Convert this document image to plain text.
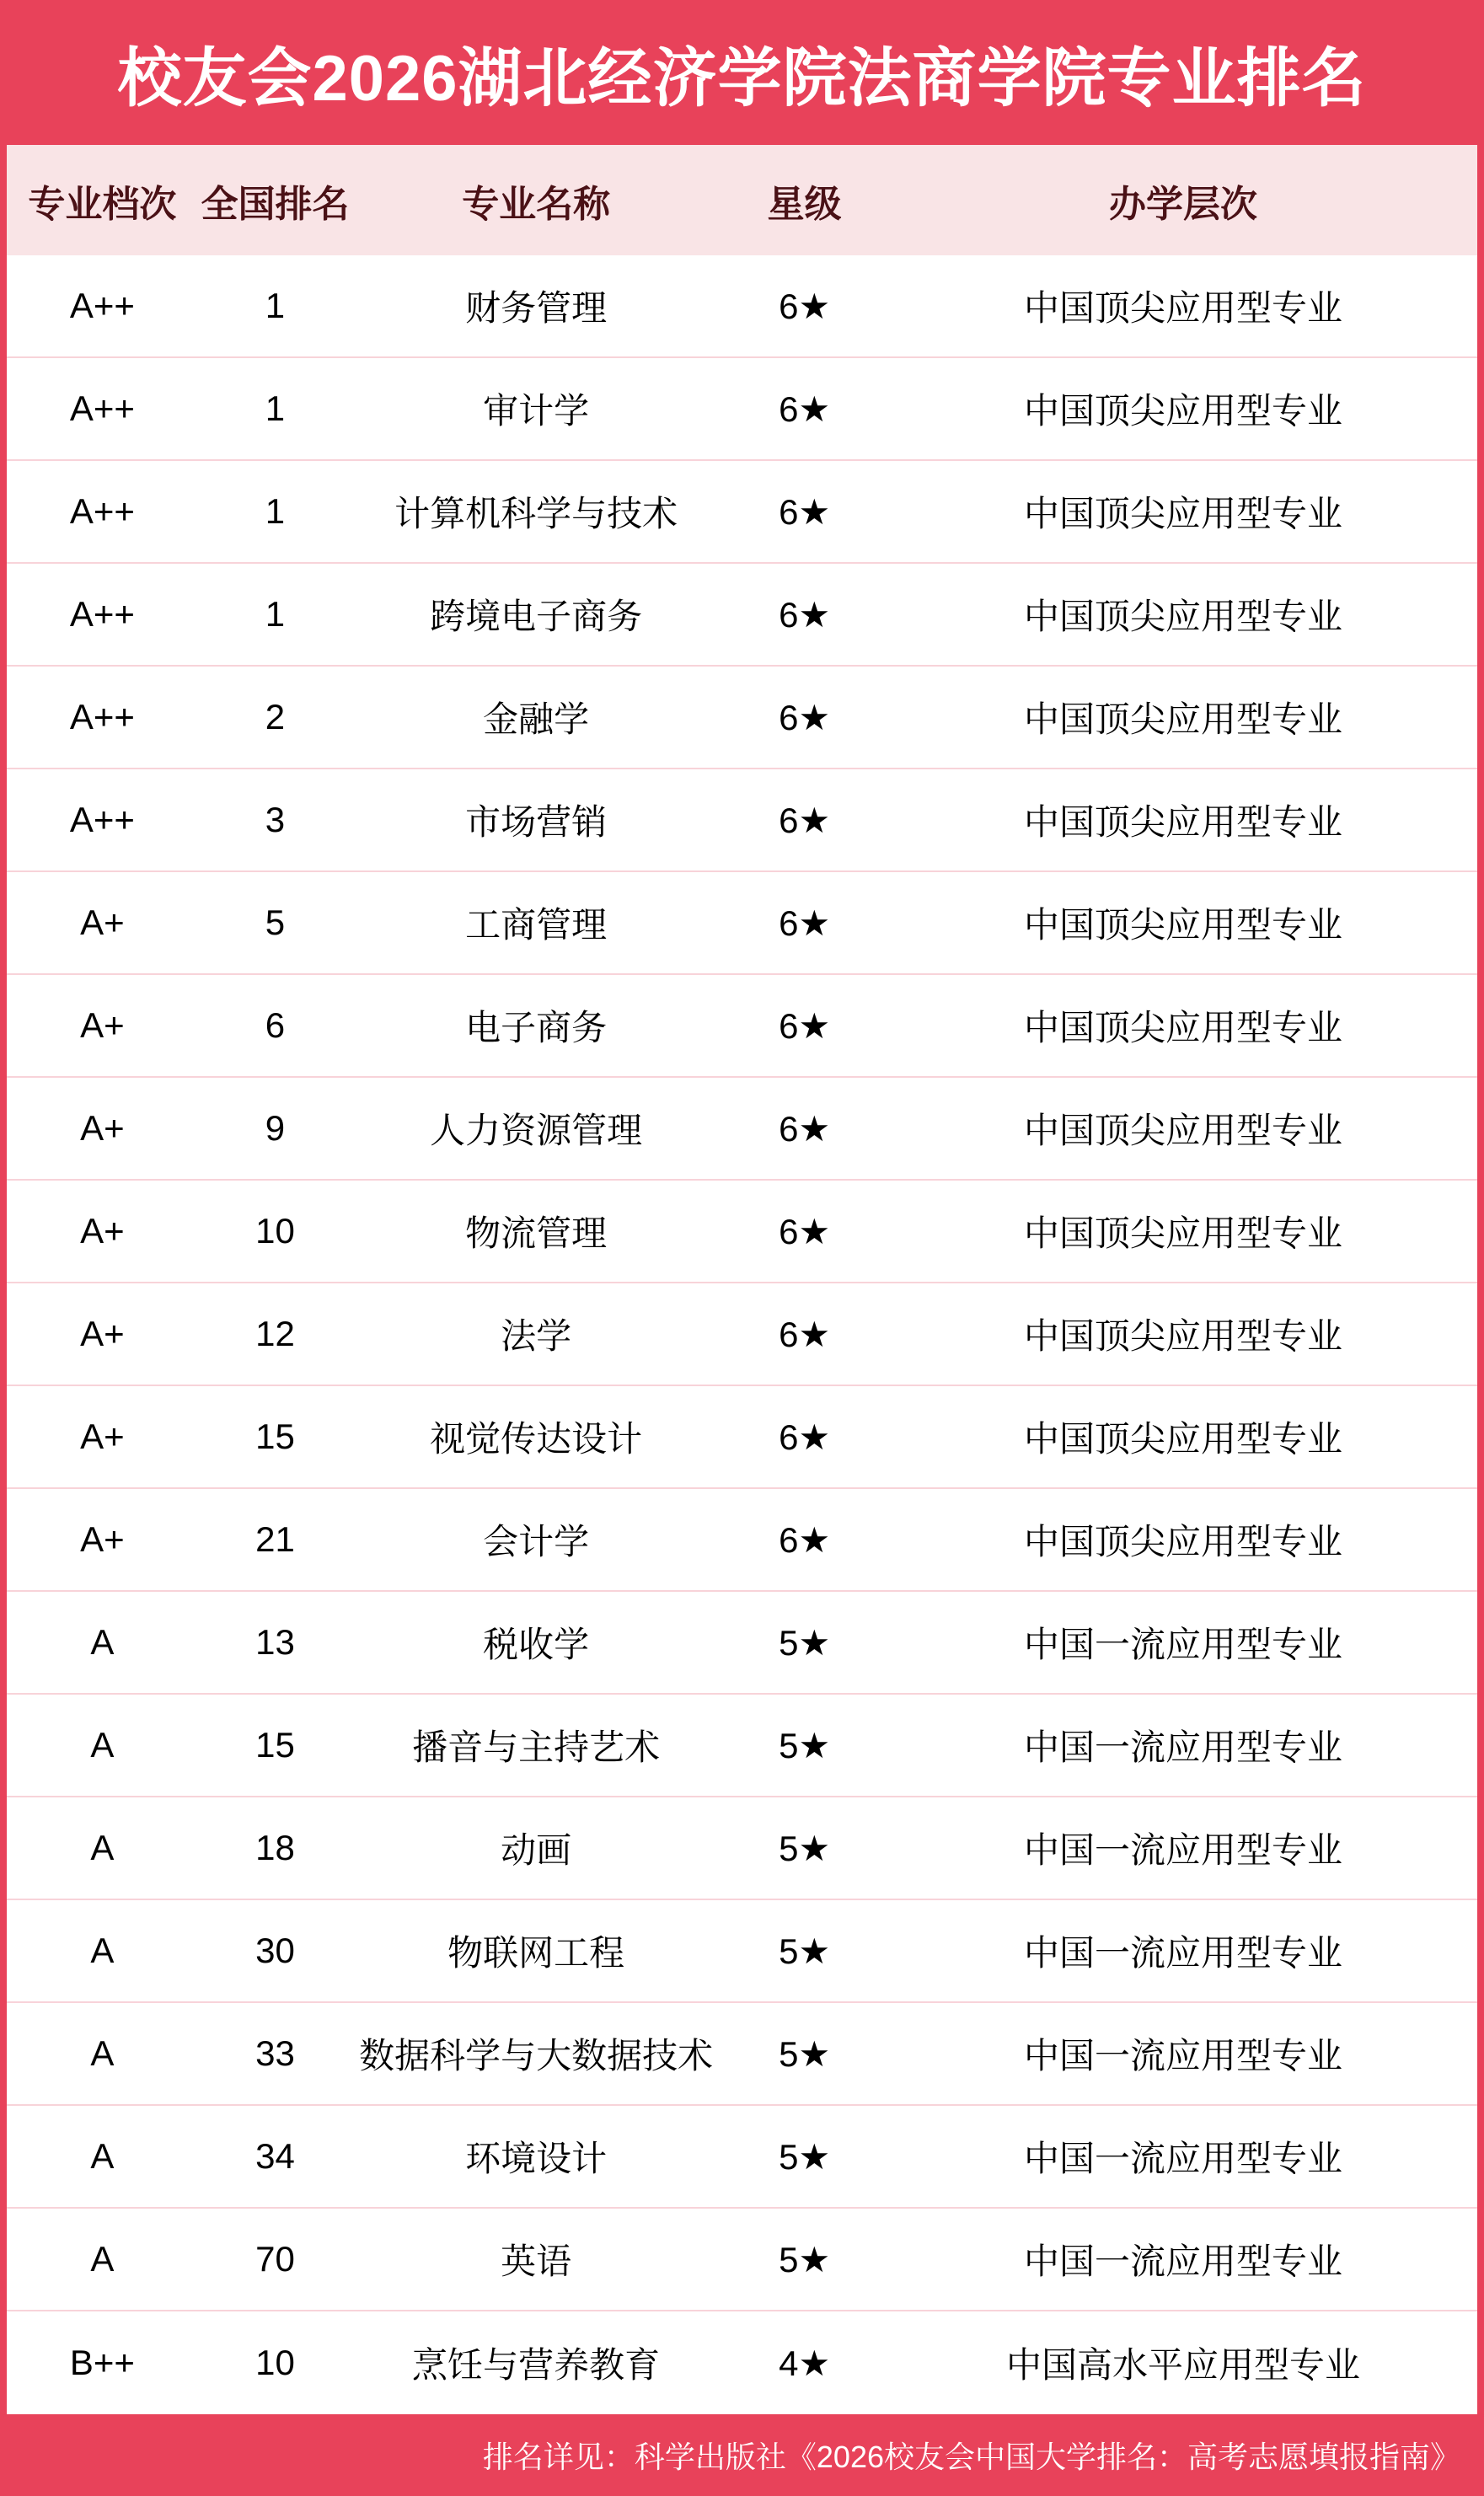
校友会2026湖北经济学院法商学院专业排名
专业档次 全国排名	专业名称	星级	办学层次
A++	1	财务管理	6★	中国顶尖应用型专业
A++	1	审计学	6★	中国顶尖应用型专业
A++	1	计算机科学与技术	6★	中国顶尖应用型专业
A++	1	跨境电子商务	6★	中国顶尖应用型专业
A++	2	金融学	6★	中国顶尖应用型专业
A++	3	市场营销	6★	中国顶尖应用型专业
A+	5	工商管理	6★	中国顶尖应用型专业
A+	6	电子商务	6★	中国顶尖应用型专业
A+	9	人力资源管理	6★	中国顶尖应用型专业
A+	10	物流管理	6★	中国顶尖应用型专业
A+	12	法学	6★	中国顶尖应用型专业
A+	15	视觉传达设计	6★	中国顶尖应用型专业
A+	21	会计学	6★	中国顶尖应用型专业
A	13	税收学	5★	中国一流应用型专业
A	15	播音与主持艺术	5★	中国一流应用型专业
A	18	动画	5★	中国一流应用型专业
A	30	物联网工程	5★	中国一流应用型专业
A	33	数据科学与大数据技术	5★	中国一流应用型专业
A	34	环境设计	5★	中国一流应用型专业
A	70	英语	5★	中国一流应用型专业
B++	10	烹饪与营养教育	4★	中国高水平应用型专业
排名详见：科学出版社《2026校友会中国大学排名：高考志愿填报指南》
